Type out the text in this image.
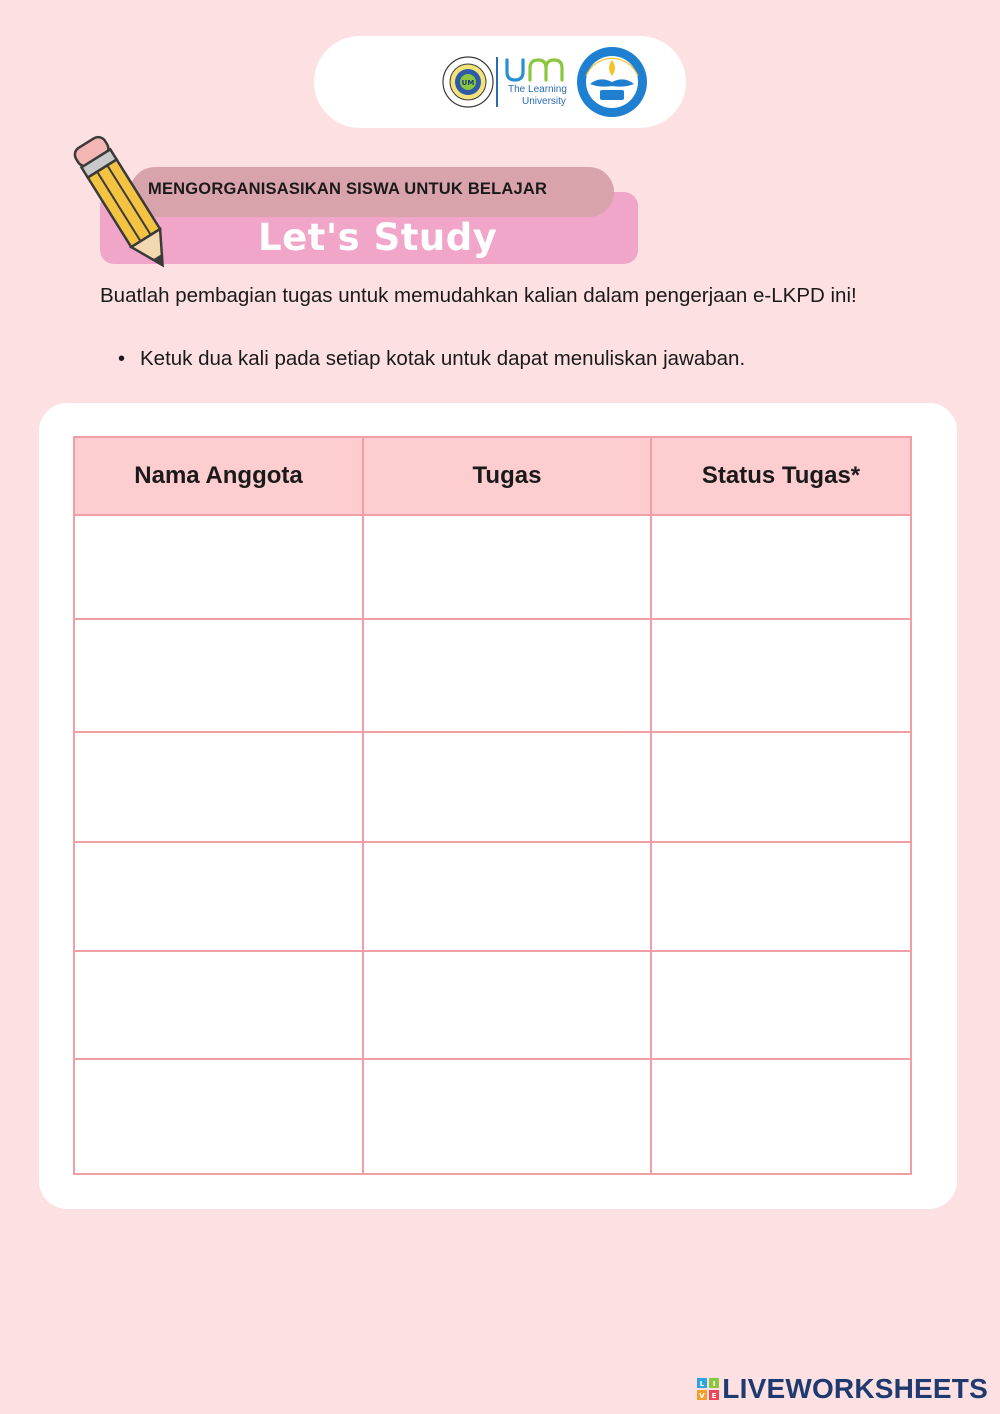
UM
The Learning
University
MENGORGANISASIKAN SISWA UNTUK BELAJAR
Let's Study
Buatlah pembagian tugas untuk memudahkan kalian dalam pengerjaan e-LKPD ini!
• Ketuk dua kali pada setiap kotak untuk dapat menuliskan jawaban.
Nama Anggota	Tugas	Status Tugas*

L I
V E LIVEWORKSHEETS
